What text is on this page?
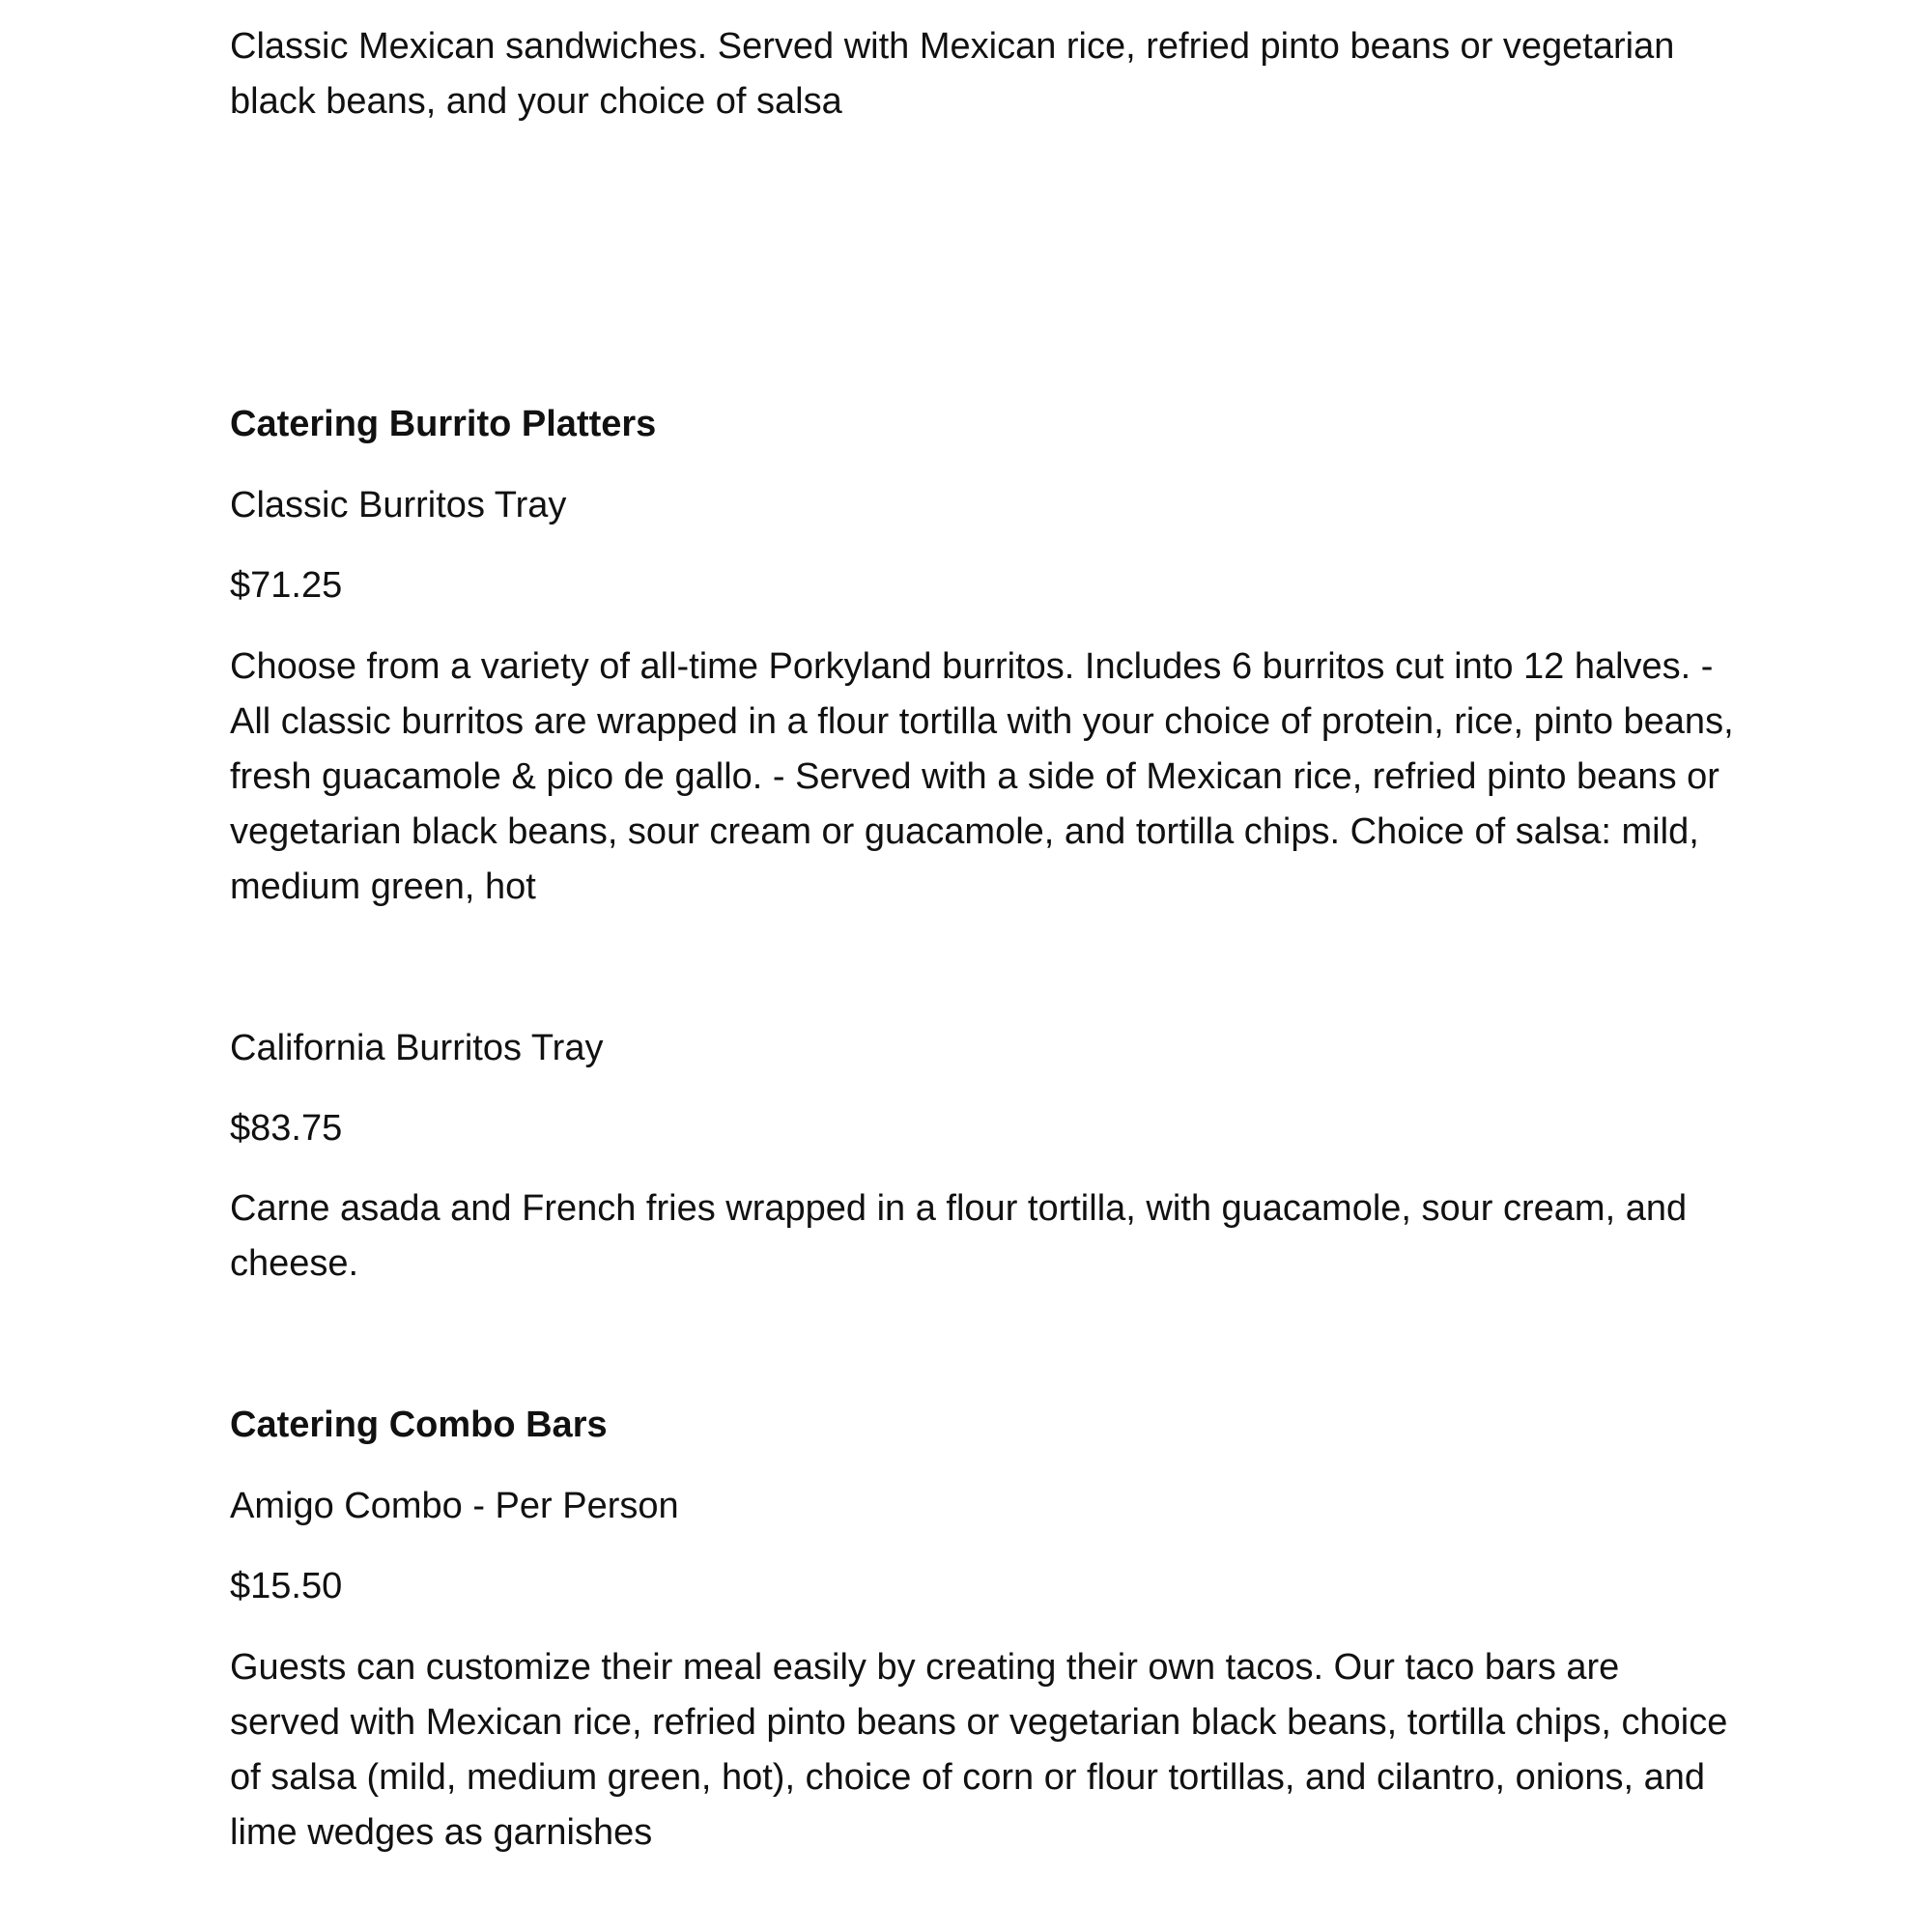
Classic Mexican sandwiches. Served with Mexican rice, refried pinto beans or vegetarian black beans, and your choice of salsa

Catering Burrito Platters

Classic Burritos Tray

$71.25

Choose from a variety of all-time Porkyland burritos. Includes 6 burritos cut into 12 halves. - All classic burritos are wrapped in a flour tortilla with your choice of protein, rice, pinto beans, fresh guacamole & pico de gallo. - Served with a side of Mexican rice, refried pinto beans or vegetarian black beans, sour cream or guacamole, and tortilla chips. Choice of salsa: mild, medium green, hot

California Burritos Tray

$83.75

Carne asada and French fries wrapped in a flour tortilla, with guacamole, sour cream, and cheese.

Catering Combo Bars

Amigo Combo - Per Person

$15.50

Guests can customize their meal easily by creating their own tacos. Our taco bars are served with Mexican rice, refried pinto beans or vegetarian black beans, tortilla chips, choice of salsa (mild, medium green, hot), choice of corn or flour tortillas, and cilantro, onions, and lime wedges as garnishes
